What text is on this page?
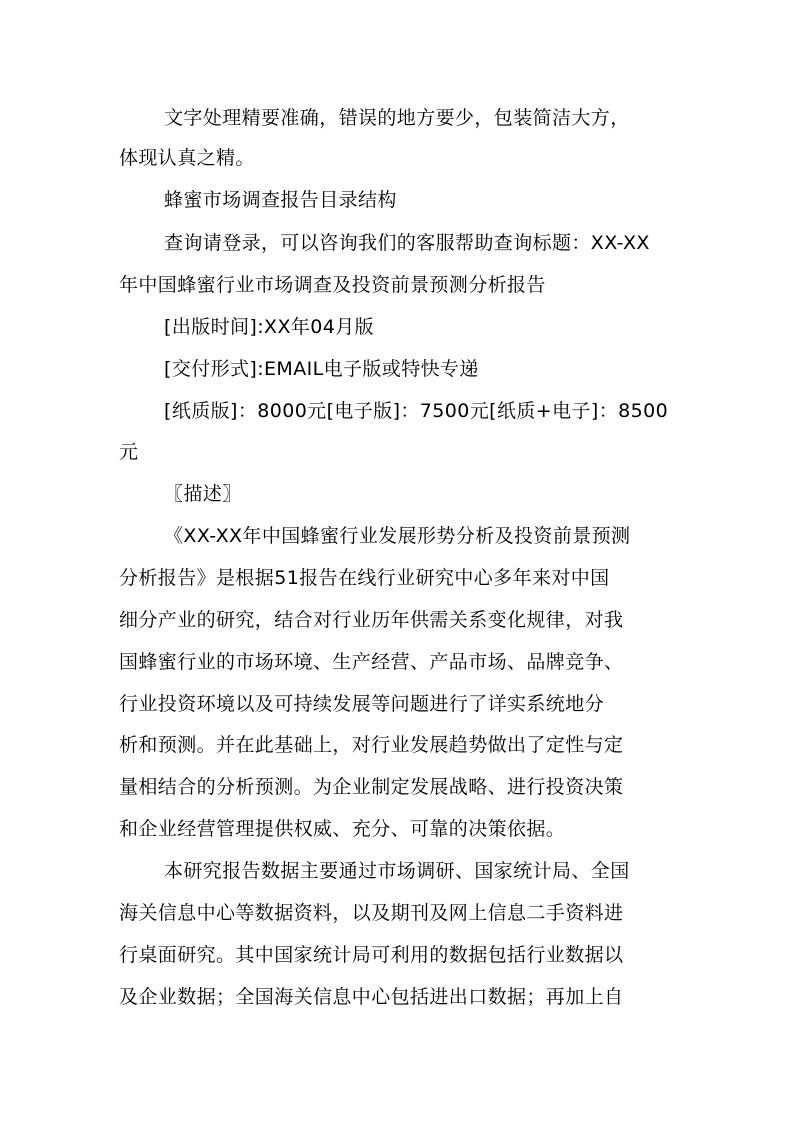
文字处理精要准确，错误的地方要少，包装简洁大方，
体现认真之精。
蜂蜜市场调查报告目录结构
查询请登录，可以咨询我们的客服帮助查询标题：XX-XX
年中国蜂蜜行业市场调查及投资前景预测分析报告
[出版时间]:XX年04月版
[交付形式]:EMAIL电子版或特快专递
[纸质版]：8000元[电子版]：7500元[纸质+电子]：8500
元
〖描述〗
《XX-XX年中国蜂蜜行业发展形势分析及投资前景预测
分析报告》是根据51报告在线行业研究中心多年来对中国
细分产业的研究，结合对行业历年供需关系变化规律，对我
国蜂蜜行业的市场环境、生产经营、产品市场、品牌竞争、
行业投资环境以及可持续发展等问题进行了详实系统地分
析和预测。并在此基础上，对行业发展趋势做出了定性与定
量相结合的分析预测。为企业制定发展战略、进行投资决策
和企业经营管理提供权威、充分、可靠的决策依据。
本研究报告数据主要通过市场调研、国家统计局、全国
海关信息中心等数据资料，以及期刊及网上信息二手资料进
行桌面研究。其中国家统计局可利用的数据包括行业数据以
及企业数据；全国海关信息中心包括进出口数据；再加上自
